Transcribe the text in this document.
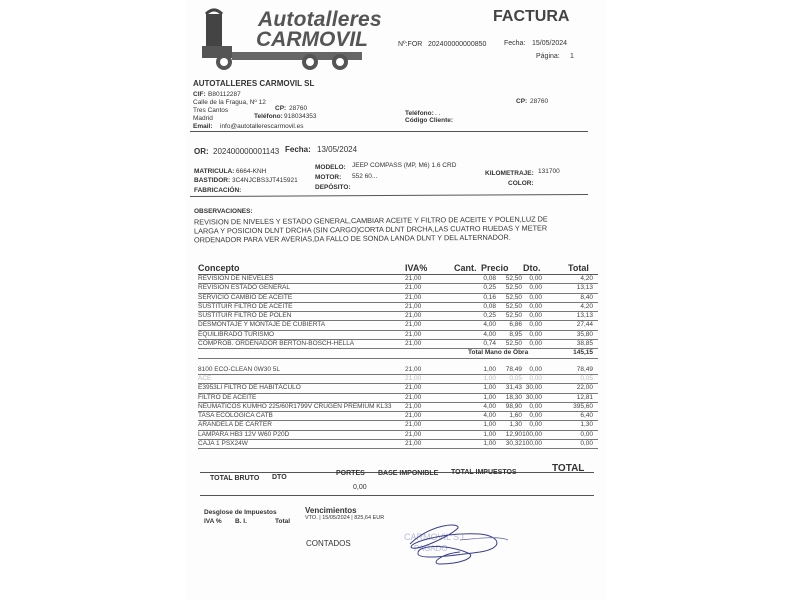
Autotalleres
CARMOVIL
FACTURA
Nº:FOR 202400000000850	Fecha: 15/05/2024
Página: 1
AUTOTALLERES CARMOVIL SL
CIF: B80112287
Calle de la Fragua, Nº 12
Tres Cantos	CP: 28760
Madrid	Teléfono: 918034353
Email: info@autotallerescarmovil.es
CP: 28760
Teléfono: . .
Código Cliente:
OR: 202400000001143 Fecha: 13/05/2024
MATRICULA: 6664-KNH
BASTIDOR: 3C4NJCBS3JT415921
FABRICACIÓN:
MODELO: JEEP COMPASS (MP, M6) 1.6 CRD
MOTOR: 552 60...
DEPÓSITO:
KILOMETRAJE: 131700
COLOR:
OBSERVACIONES:
REVISION DE NIVELES Y ESTADO GENERAL,CAMBIAR ACEITE Y FILTRO DE ACEITE Y POLEN,LUZ DE
LARGA Y POSICION DLNT DRCHA (SIN CARGO)CORTA DLNT DRCHA,LAS CUATRO RUEDAS Y METER
ORDENADOR PARA VER AVERIAS,DA FALLO DE SONDA LANDA DLNT Y DEL ALTERNADOR.
Concepto	IVA%	Cant. Precio Dto.	Total
REVISION DE NIEVELES	21,00	0,08	52,50	0,00	4,20
REVISION ESTADO GENERAL	21,00	0,25	52,50	0,00	13,13
SERVICIO CAMBIO DE ACEITE	21,00	0,16	52,50	0,00	8,40
SUSTITUIR FILTRO DE ACEITE	21,00	0,08	52,50	0,00	4,20
SUSTITUIR FILTRO DE POLEN	21,00	0,25	52,50	0,00	13,13
DESMONTAJE Y MONTAJE DE CUBIERTA	21,00	4,00	6,86	0,00	27,44
EQUILIBRADO TURISMO	21,00	4,00	8,95	0,00	35,80
COMPROB. ORDENADOR BERTON-BOSCH-HELLA	21,00	0,74	52,50	0,00	38,85
Total Mano de Obra	145,15
8100 ECO-CLEAN 0W30 5L	21,00	1,00	78,49	0,00	78,49
ACE	21,00	1,00	0,05	0,00	0,05
E3953LI FILTRO DE HABITÁCULO	21,00	1,00	31,43 30,00	22,00
FILTRO DE ACEITE	21,00	1,00	18,30 30,00	12,81
NEUMATICOS KUMHO 225/60R1799V CRUGEN PREMIUM KL33 21,00	4,00	98,90	0,00	395,60
TASA ECOLOGICA CATB	21,00	4,00	1,60	0,00	6,40
ARANDELA DE CARTER	21,00	1,00	1,30	0,00	1,30
LAMPARA HB3 12V W60 P20D	21,00	1,00	12,90 100,00	0,00
CAJA 1 PSX24W	21,00	1,00	30,32 100,00	0,00
PORTES BASE IMPONIBLE TOTAL IMPUESTOS	TOTAL
TOTAL BRUTO DTO
0,00
Desglose de Impuestos
IVA % B. I.	Total
Vencimientos
VTO. | 15/05/2024 | 825,64 EUR
CONTADOS
CARMOVIL S.L.
PAGADO
